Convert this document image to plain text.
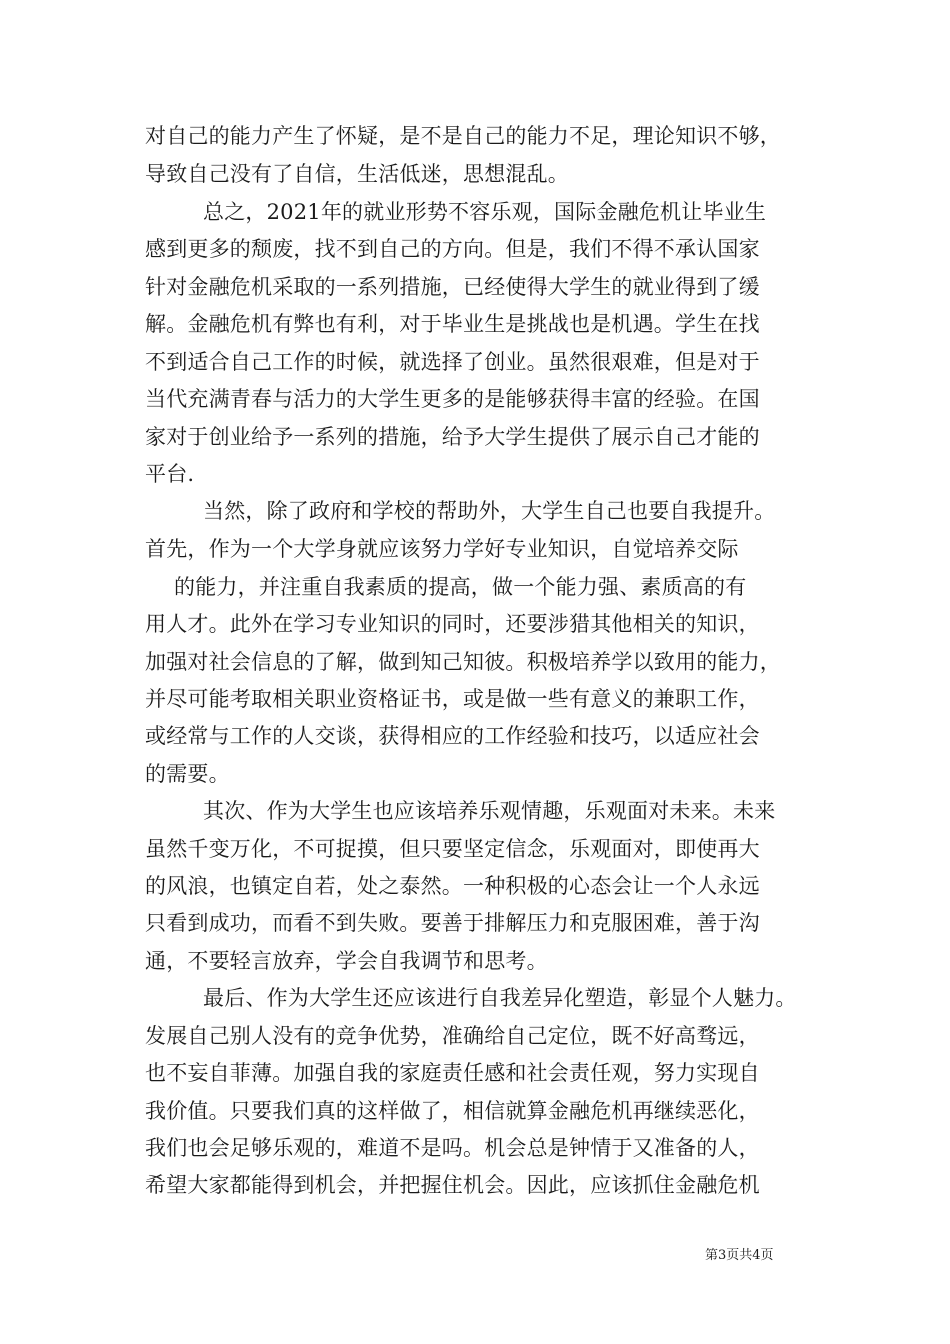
对自己的能力产生了怀疑，是不是自己的能力不足，理论知识不够，

导致自己没有了自信，生活低迷，思想混乱。

总之，2021年的就业形势不容乐观，国际金融危机让毕业生

感到更多的颓废，找不到自己的方向。但是，我们不得不承认国家

针对金融危机采取的一系列措施，已经使得大学生的就业得到了缓

解。金融危机有弊也有利，对于毕业生是挑战也是机遇。学生在找

不到适合自己工作的时候，就选择了创业。虽然很艰难，但是对于

当代充满青春与活力的大学生更多的是能够获得丰富的经验。在国

家对于创业给予一系列的措施，给予大学生提供了展示自己才能的

平台.

当然，除了政府和学校的帮助外，大学生自己也要自我提升。

首先，作为一个大学身就应该努力学好专业知识，自觉培养交际

的能力，并注重自我素质的提高，做一个能力强、素质高的有

用人才。此外在学习专业知识的同时，还要涉猎其他相关的知识，

加强对社会信息的了解，做到知己知彼。积极培养学以致用的能力，

并尽可能考取相关职业资格证书，或是做一些有意义的兼职工作，

或经常与工作的人交谈，获得相应的工作经验和技巧，以适应社会

的需要。

其次、作为大学生也应该培养乐观情趣，乐观面对未来。未来

虽然千变万化，不可捉摸，但只要坚定信念，乐观面对，即使再大

的风浪，也镇定自若，处之泰然。一种积极的心态会让一个人永远

只看到成功，而看不到失败。要善于排解压力和克服困难，善于沟

通，不要轻言放弃，学会自我调节和思考。

最后、作为大学生还应该进行自我差异化塑造，彰显个人魅力。

发展自己别人没有的竞争优势，准确给自己定位，既不好高骛远，

也不妄自菲薄。加强自我的家庭责任感和社会责任观，努力实现自

我价值。只要我们真的这样做了，相信就算金融危机再继续恶化，

我们也会足够乐观的，难道不是吗。机会总是钟情于又准备的人，

希望大家都能得到机会，并把握住机会。因此，应该抓住金融危机

第3页共4页
